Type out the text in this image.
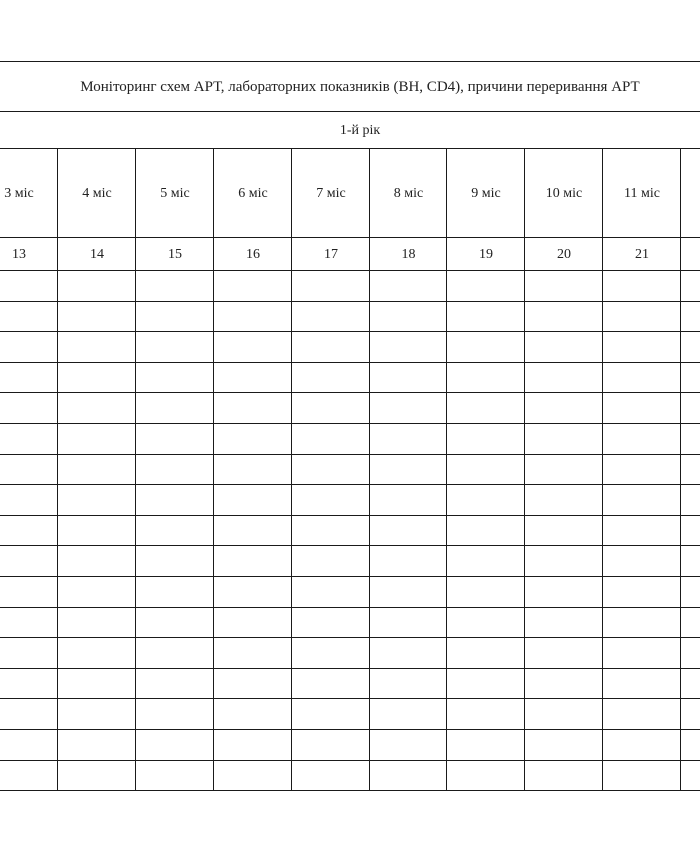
Моніторинг схем АРТ, лабораторних показників (ВН, CD4), причини переривання АРТ
1-й рік
3 міс	4 міс	5 міс	6 міс	7 міс	8 міс	9 міс	10 міс	11 міс
13	14	15	16	17	18	19	20	21
